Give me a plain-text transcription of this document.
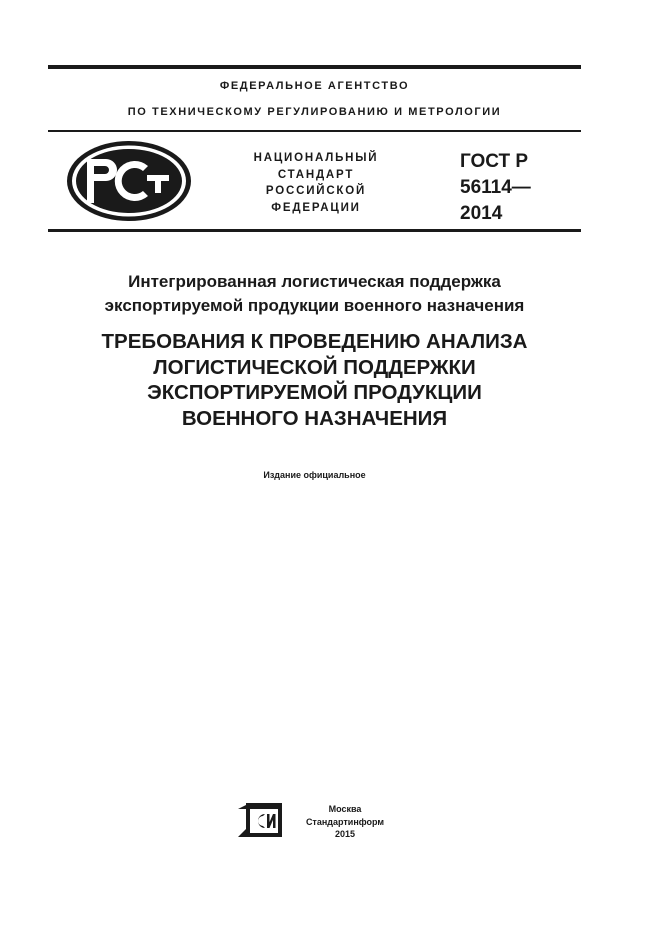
ФЕДЕРАЛЬНОЕ АГЕНТСТВО
ПО ТЕХНИЧЕСКОМУ РЕГУЛИРОВАНИЮ И МЕТРОЛОГИИ
НАЦИОНАЛЬНЫЙ
СТАНДАРТ
РОССИЙСКОЙ
ФЕДЕРАЦИИ
ГОСТ Р
56114—
2014
Интегрированная логистическая поддержка
экспортируемой продукции военного назначения
ТРЕБОВАНИЯ К ПРОВЕДЕНИЮ АНАЛИЗА
ЛОГИСТИЧЕСКОЙ ПОДДЕРЖКИ
ЭКСПОРТИРУЕМОЙ ПРОДУКЦИИ
ВОЕННОГО НАЗНАЧЕНИЯ
Издание официальное
Москва
Стандартинформ
2015
